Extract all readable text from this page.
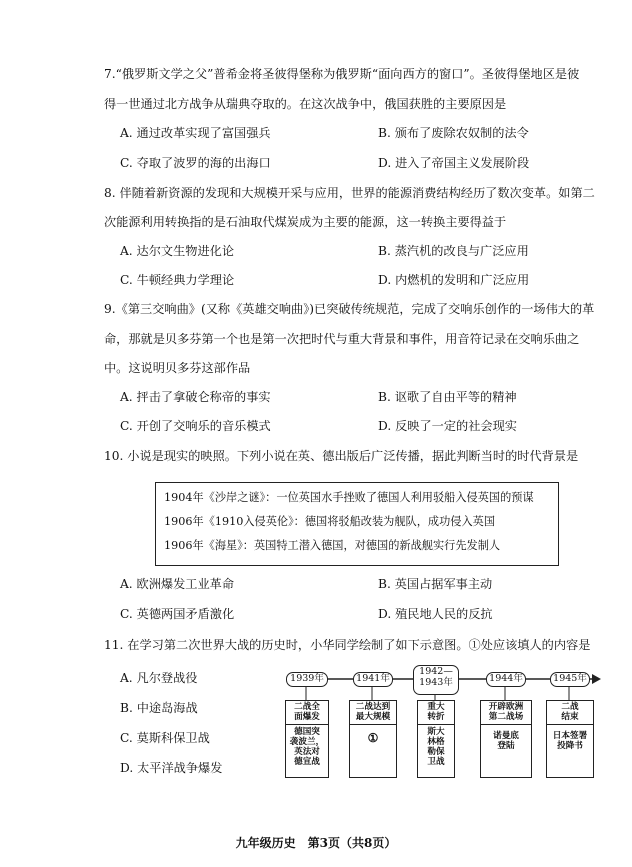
7.“俄罗斯文学之父”普希金将圣彼得堡称为俄罗斯“面向西方的窗口”。圣彼得堡地区是彼
得一世通过北方战争从瑞典夺取的。在这次战争中，俄国获胜的主要原因是
A. 通过改革实现了富国强兵	B. 颁布了废除农奴制的法令
C. 夺取了波罗的海的出海口	D. 进入了帝国主义发展阶段
8. 伴随着新资源的发现和大规模开采与应用，世界的能源消费结构经历了数次变革。如第二
次能源利用转换指的是石油取代煤炭成为主要的能源，这一转换主要得益于
A. 达尔文生物进化论	B. 蒸汽机的改良与广泛应用
C. 牛顿经典力学理论	D. 内燃机的发明和广泛应用
9.《第三交响曲》(又称《英雄交响曲》)已突破传统规范，完成了交响乐创作的一场伟大的革
命，那就是贝多芬第一个也是第一次把时代与重大背景和事件，用音符记录在交响乐曲之
中。这说明贝多芬这部作品
A. 抨击了拿破仑称帝的事实	B. 讴歌了自由平等的精神
C. 开创了交响乐的音乐模式	D. 反映了一定的社会现实
10. 小说是现实的映照。下列小说在英、德出版后广泛传播，据此判断当时的时代背景是
1904年《沙岸之谜》：一位英国水手挫败了德国人利用驳船入侵英国的预谋
1906年《1910入侵英伦》：德国将驳船改装为舰队，成功侵入英国
1906年《海星》：英国特工潜入德国，对德国的新战舰实行先发制人
A. 欧洲爆发工业革命	B. 英国占据军事主动
C. 英德两国矛盾激化	D. 殖民地人民的反抗
11. 在学习第二次世界大战的历史时，小华同学绘制了如下示意图。①处应该填人的内容是
A. 凡尔登战役
B. 中途岛海战
C. 莫斯科保卫战
D. 太平洋战争爆发
1939年	1941年
1942—
1943年	1944年	1945年
二战全
面爆发
德国突
袭波兰，
英法对
德宣战
二战达到
最大规模
①
重大
转折
斯大
林格
勒保
卫战
开辟欧洲
第二战场
诺曼底
登陆
二战
结束
日本签署
投降书
九年级历史　第3页（共8页）
